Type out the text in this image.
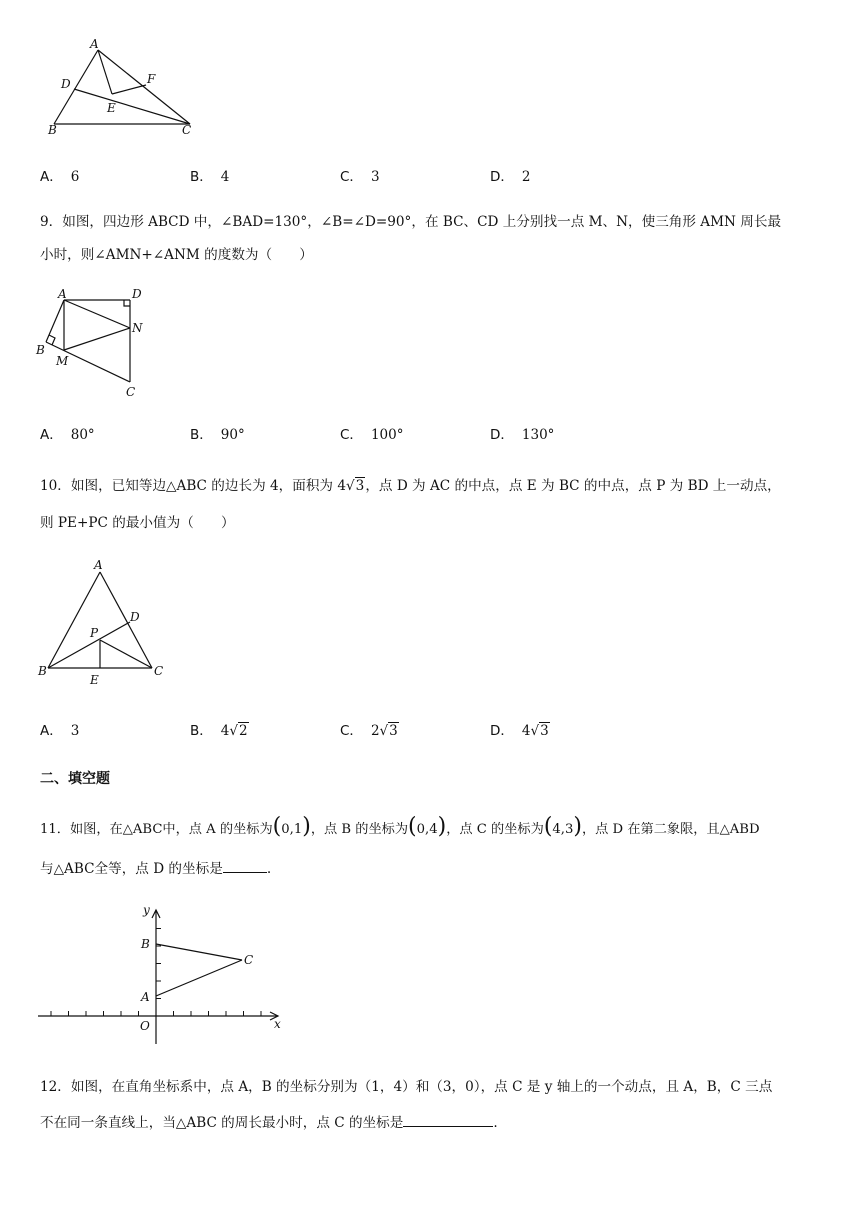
A
D	F
E
B	C
A． 6	B． 4	C． 3	D． 2
9．如图，四边形 ABCD 中，∠BAD=130°，∠B=∠D=90°，在 BC、CD 上分别找一点 M、N，使三角形 AMN 周长最
小时，则∠AMN+∠ANM 的度数为（　　）
A	D
N
B
M
C
A． 80°	B． 90°	C． 100°	D． 130°
10．如图，已知等边△ABC 的边长为 4，面积为 4√3，点 D 为 AC 的中点，点 E 为 BC 的中点，点 P 为 BD 上一动点，
则 PE+PC 的最小值为（　　）
A
D
P
B	C
E
A． 3	B． 4√2	C． 2√3	D． 4√3
二、填空题
11．如图，在△ABC中，点 A 的坐标为(0,1)，点 B 的坐标为(0,4)，点 C 的坐标为(4,3)，点 D 在第二象限，且△ABD
与△ABC全等，点 D 的坐标是	.
y
B
C
A
O	x
12．如图，在直角坐标系中，点 A，B 的坐标分别为（1，4）和（3，0），点 C 是 y 轴上的一个动点，且 A，B，C 三点
不在同一条直线上，当△ABC 的周长最小时，点 C 的坐标是	.
